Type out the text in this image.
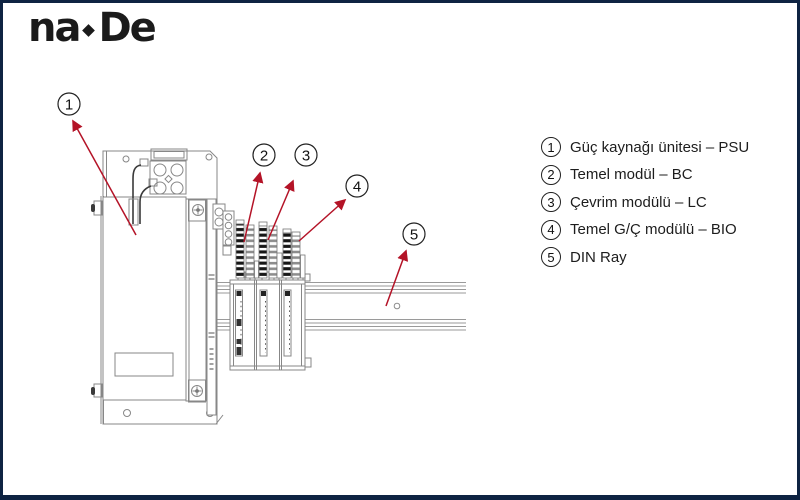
na De
1
2 3
4
5
1	Güç kaynağı ünitesi – PSU
2	Temel modül – BC
3	Çevrim modülü – LC
4	Temel G/Ç modülü – BIO
5	DIN Ray
